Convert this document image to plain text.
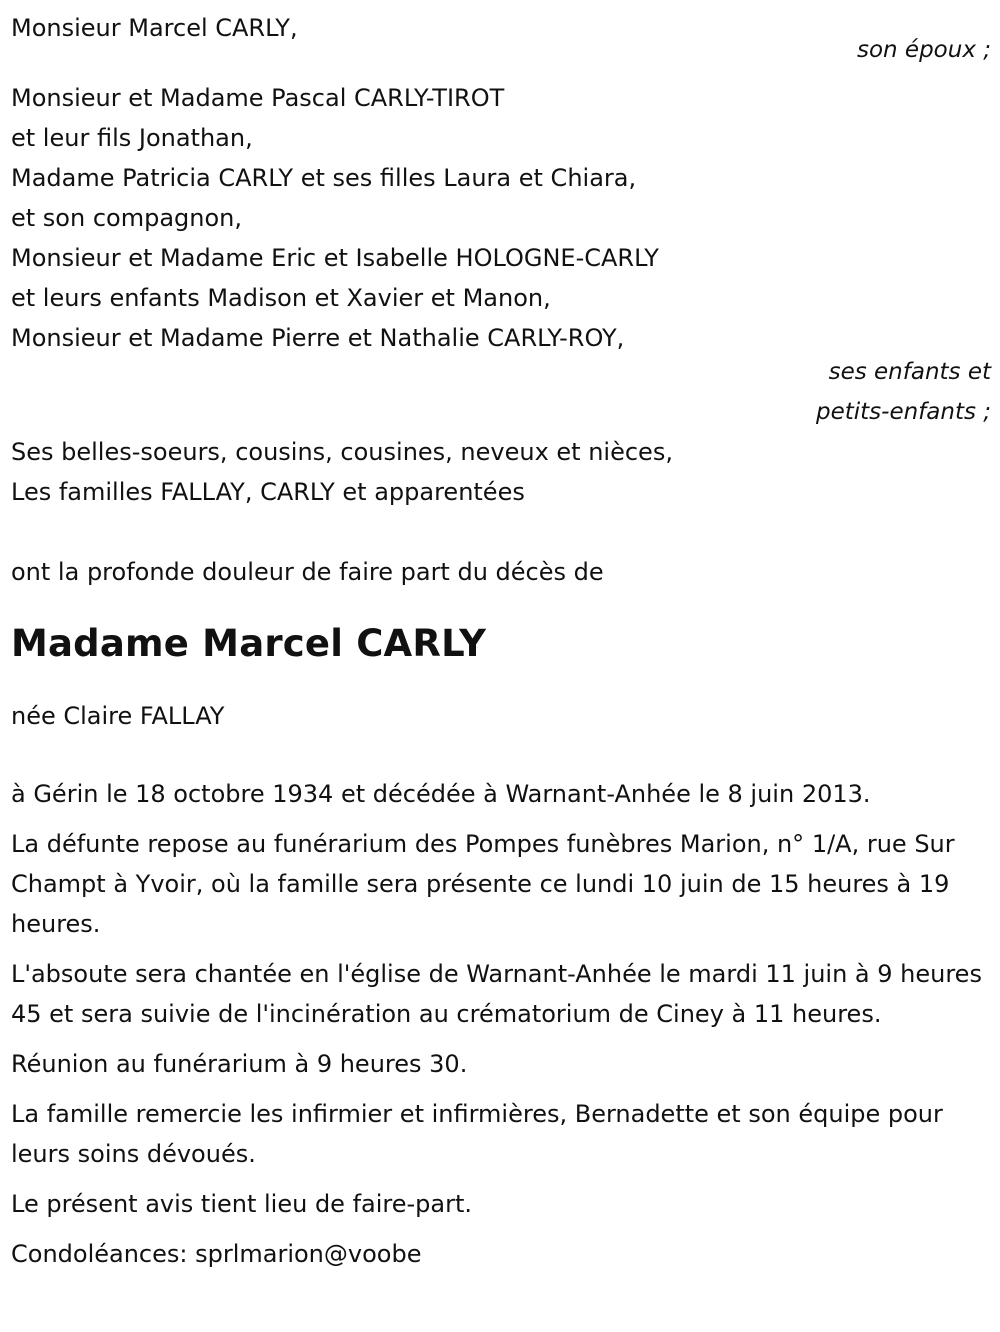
Monsieur Marcel CARLY,
son époux ;
Monsieur et Madame Pascal CARLY-TIROT
et leur fils Jonathan,
Madame Patricia CARLY et ses filles Laura et Chiara,
et son compagnon,
Monsieur et Madame Eric et Isabelle HOLOGNE-CARLY
et leurs enfants Madison et Xavier et Manon,
Monsieur et Madame Pierre et Nathalie CARLY-ROY,
ses enfants et
petits-enfants ;
Ses belles-soeurs, cousins, cousines, neveux et nièces,
Les familles FALLAY, CARLY et apparentées
ont la profonde douleur de faire part du décès de
Madame Marcel CARLY
née Claire FALLAY

à Gérin le 18 octobre 1934 et décédée à Warnant-Anhée le 8 juin 2013.

La défunte repose au funérarium des Pompes funèbres Marion, n° 1/A, rue Sur Champt à Yvoir, où la famille sera présente ce lundi 10 juin de 15 heures à 19 heures.

L'absoute sera chantée en l'église de Warnant-Anhée le mardi 11 juin à 9 heures 45 et sera suivie de l'incinération au crématorium de Ciney à 11 heures.

Réunion au funérarium à 9 heures 30.

La famille remercie les infirmier et infirmières, Bernadette et son équipe pour leurs soins dévoués.

Le présent avis tient lieu de faire-part.

Condoléances: sprlmarion@voobe
